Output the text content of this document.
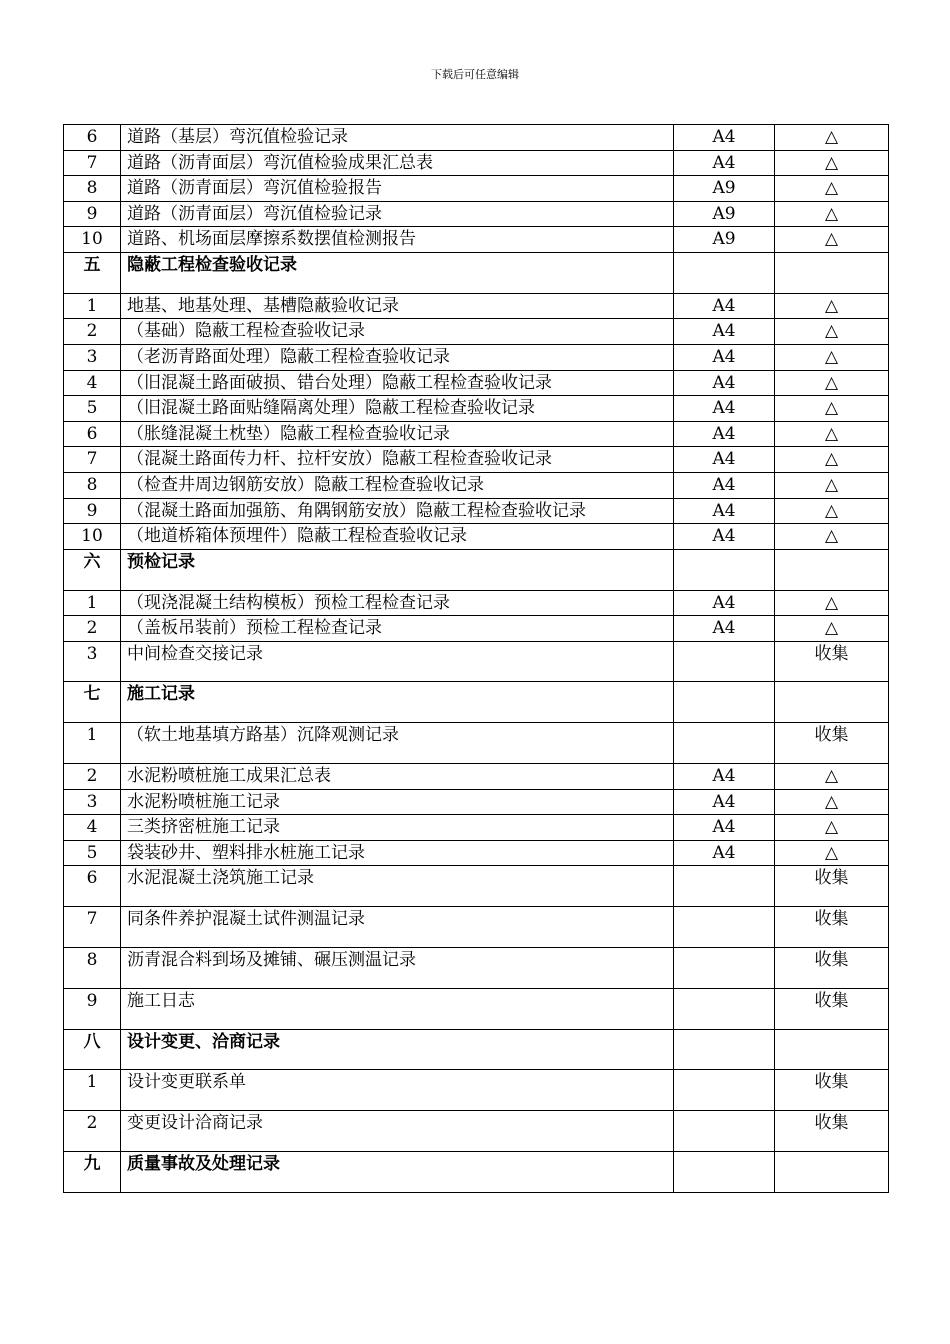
下载后可任意编辑
6	道路（基层）弯沉值检验记录	A4	△
7	道路（沥青面层）弯沉值检验成果汇总表	A4	△
8	道路（沥青面层）弯沉值检验报告	A9	△
9	道路（沥青面层）弯沉值检验记录	A9	△
10	道路、机场面层摩擦系数摆值检测报告	A9	△
五	隐蔽工程检查验收记录		
1	地基、地基处理、基槽隐蔽验收记录	A4	△
2	（基础）隐蔽工程检查验收记录	A4	△
3	（老沥青路面处理）隐蔽工程检查验收记录	A4	△
4	（旧混凝土路面破损、错台处理）隐蔽工程检查验收记录	A4	△
5	（旧混凝土路面贴缝隔离处理）隐蔽工程检查验收记录	A4	△
6	（胀缝混凝土枕垫）隐蔽工程检查验收记录	A4	△
7	（混凝土路面传力杆、拉杆安放）隐蔽工程检查验收记录	A4	△
8	（检查井周边钢筋安放）隐蔽工程检查验收记录	A4	△
9	（混凝土路面加强筋、角隅钢筋安放）隐蔽工程检查验收记录	A4	△
10	（地道桥箱体预埋件）隐蔽工程检查验收记录	A4	△
六	预检记录		
1	（现浇混凝土结构模板）预检工程检查记录	A4	△
2	（盖板吊装前）预检工程检查记录	A4	△
3	中间检查交接记录		收集
七	施工记录		
1	（软土地基填方路基）沉降观测记录		收集
2	水泥粉喷桩施工成果汇总表	A4	△
3	水泥粉喷桩施工记录	A4	△
4	三类挤密桩施工记录	A4	△
5	袋装砂井、塑料排水桩施工记录	A4	△
6	水泥混凝土浇筑施工记录		收集
7	同条件养护混凝土试件测温记录		收集
8	沥青混合料到场及摊铺、碾压测温记录		收集
9	施工日志		收集
八	设计变更、洽商记录		
1	设计变更联系单		收集
2	变更设计洽商记录		收集
九	质量事故及处理记录		
